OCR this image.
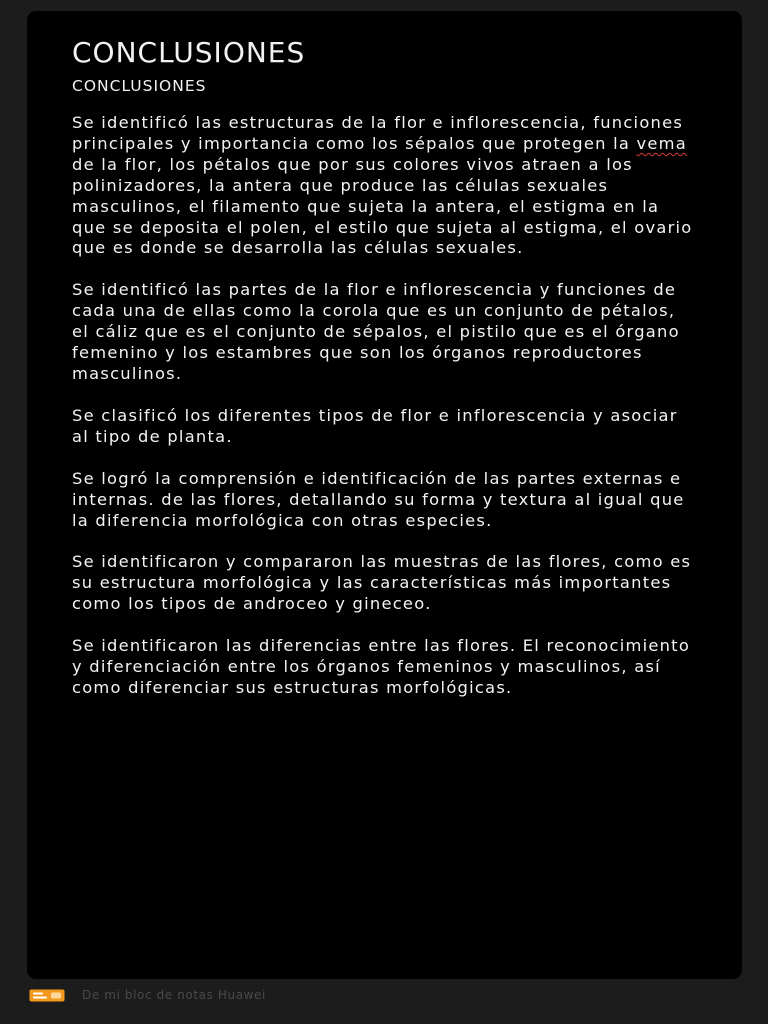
CONCLUSIONES
CONCLUSIONES

Se identificó las estructuras de la flor e inflorescencia, funciones principales y importancia como los sépalos que protegen la vema de la flor, los pétalos que por sus colores vivos atraen a los polinizadores, la antera que produce las células sexuales masculinos, el filamento que sujeta la antera, el estigma en la que se deposita el polen, el estilo que sujeta al estigma, el ovario que es donde se desarrolla las células sexuales.

Se identificó las partes de la flor e inflorescencia y funciones de cada una de ellas como la corola que es un conjunto de pétalos, el cáliz que es el conjunto de sépalos, el pistilo que es el órgano femenino y los estambres que son los órganos reproductores masculinos.

Se clasificó los diferentes tipos de flor e inflorescencia y asociar al tipo de planta.

Se logró la comprensión e identificación de las partes externas e internas. de las flores, detallando su forma y textura al igual que la diferencia morfológica con otras especies.

Se identificaron y compararon las muestras de las flores, como es su estructura morfológica y las características más importantes como los tipos de androceo y gineceo.

Se identificaron las diferencias entre las flores. El reconocimiento y diferenciación entre los órganos femeninos y masculinos, así como diferenciar sus estructuras morfológicas.

De mi bloc de notas Huawei
